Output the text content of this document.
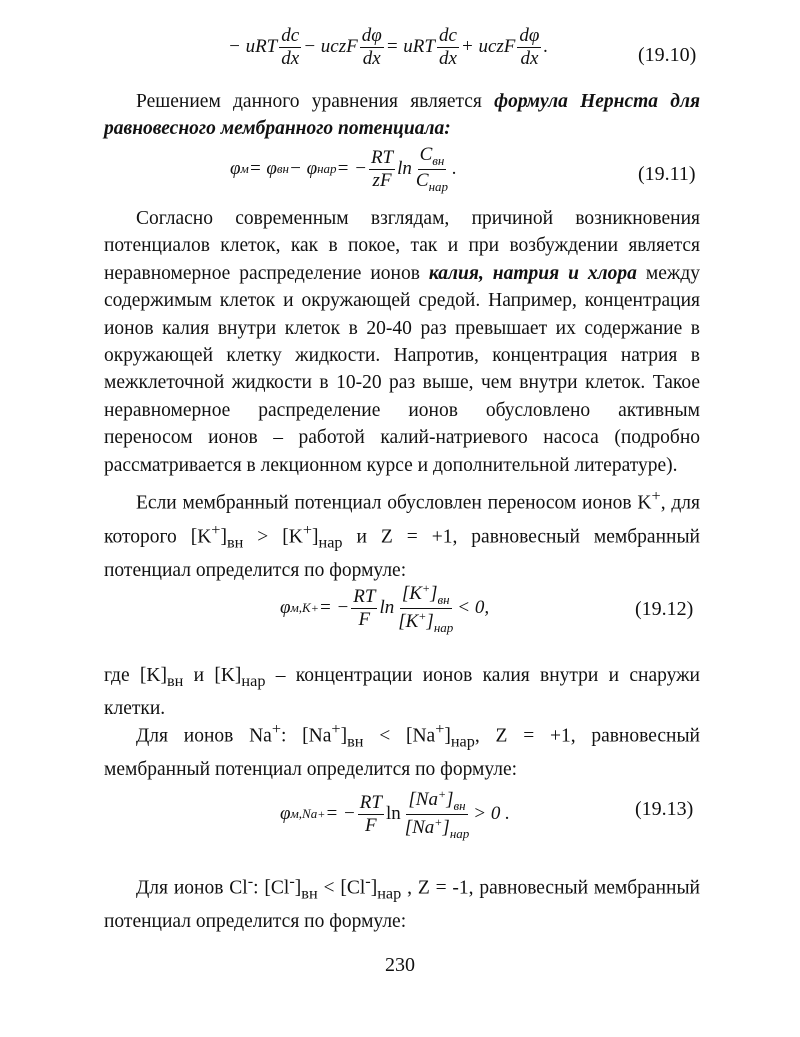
− uRT $\frac{dc}{dx}$ − uczF $\frac{d\varphi}{dx}$ = uRT $\frac{dc}{dx}$ + uczF $\frac{d\varphi}{dx}$ .	(19.10)

Решением данного уравнения является формула Нернста для равновесного мембранного потенциала:

φ м = φ вн − φ нар = − $\frac{RT}{zF}$ $\ln \frac{C_{вн}}{C_{нар}}$ .	(19.11)

Согласно современным взглядам, причиной возникновения потенциалов клеток, как в покое, так и при возбуждении является неравномерное распределение ионов калия, натрия и хлора между содержимым клеток и окружающей средой. Например, концентрация ионов калия внутри клеток в 20-40 раз превышает их содержание в окружающей клетку жидкости. Напротив, концентрация натрия в межклеточной жидкости в 10-20 раз выше, чем внутри клеток. Такое неравномерное распределение ионов обусловлено активным переносом ионов – работой калий-натриевого насоса (подробно рассматривается в лекционном курсе и дополнительной литературе).

Если мембранный потенциал обусловлен переносом ионов K+, для которого $[K^+]_{вн} > [K^+]_{нар}$ и Z = +1, равновесный мембранный потенциал определится по формуле:

φ м,K + = − $\frac{RT}{F}$ $\ln \frac{[K^+]_{вн}}{[K^+]_{нар}} < 0$,	(19.12)

где $[K]_{вн}$ и $[K]_{нар}$ – концентрации ионов калия внутри и снаружи клетки.

Для ионов Na+: $[Na^+]_{вн} < [Na^+]_{нар}$, Z = +1, равновесный мембранный потенциал определится по формуле:

φ м,Na + = − $\frac{RT}{F}$ $\ln \frac{[Na^+]_{вн}}{[Na^+]_{нар}} > 0$ .	(19.13)

Для ионов Cl-: $[Cl^-]_{вн} < [Cl^-]_{нар}$ , Z = -1, равновесный мембранный потенциал определится по формуле:

230
